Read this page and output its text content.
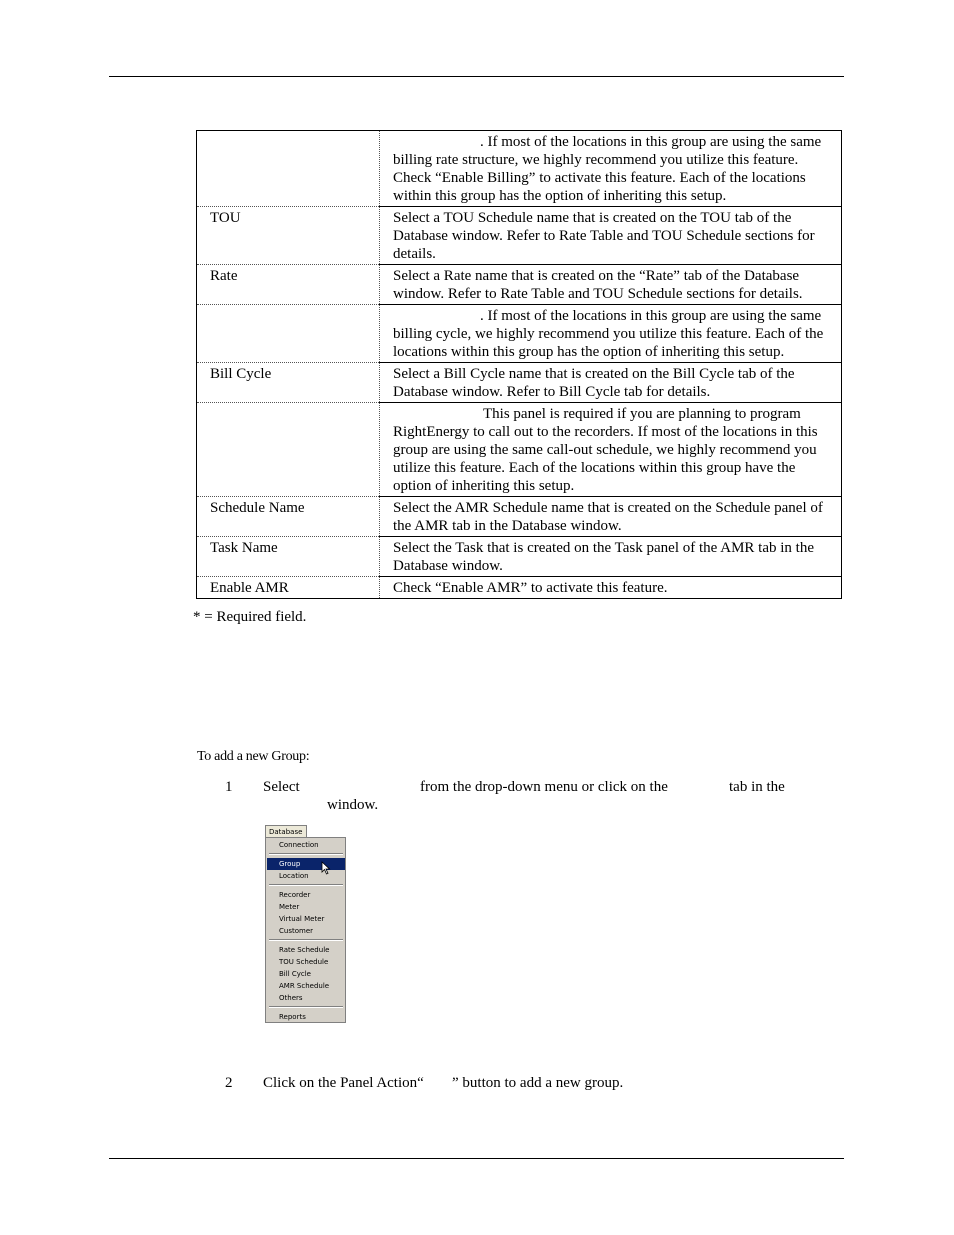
	. If most of the locations in this group are using the same billing rate structure, we highly recommend you utilize this feature. Check “Enable Billing” to activate this feature. Each of the locations within this group has the option of inheriting this setup.
TOU	Select a TOU Schedule name that is created on the TOU tab of the Database window. Refer to Rate Table and TOU Schedule sections for details.
Rate	Select a Rate name that is created on the “Rate” tab of the Database window. Refer to Rate Table and TOU Schedule sections for details.
	. If most of the locations in this group are using the same billing cycle, we highly recommend you utilize this feature. Each of the locations within this group has the option of inheriting this setup.
Bill Cycle	Select a Bill Cycle name that is created on the Bill Cycle tab of the Database window. Refer to Bill Cycle tab for details.
	This panel is required if you are planning to program RightEnergy to call out to the recorders. If most of the locations in this group are using the same call-out schedule, we highly recommend you utilize this feature. Each of the locations within this group have the option of inheriting this setup.
Schedule Name	Select the AMR Schedule name that is created on the Schedule panel of the AMR tab in the Database window.
Task Name	Select the Task that is created on the Task panel of the AMR tab in the Database window.
Enable AMR	Check “Enable AMR” to activate this feature.
* = Required field.
To add a new Group:
1 Select	from the drop-down menu or click on the	tab in the
window.
Database
Connection
Group
Location
Recorder
Meter
Virtual Meter
Customer
Rate Schedule
TOU Schedule
Bill Cycle
AMR Schedule
Others
Reports
2 Click on the Panel Action“ ” button to add a new group.
